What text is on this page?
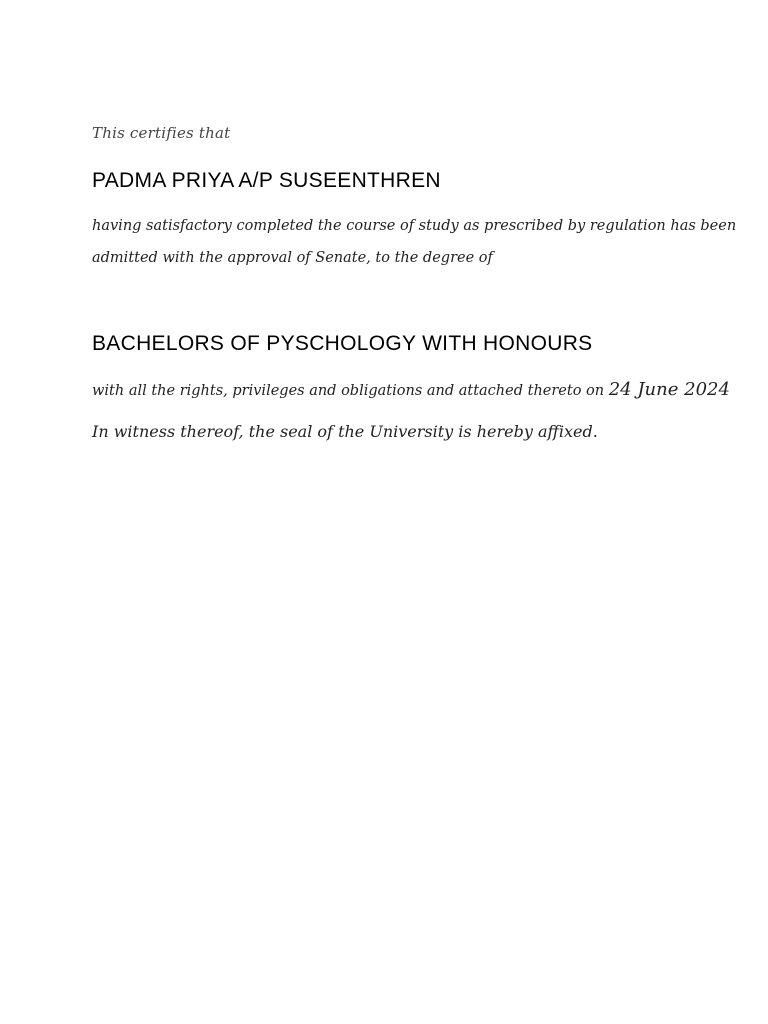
This certifies that
PADMA PRIYA A/P SUSEENTHREN
having satisfactory completed the course of study as prescribed by regulation has been
admitted with the approval of Senate, to the degree of
BACHELORS OF PYSCHOLOGY WITH HONOURS
with all the rights, privileges and obligations and attached thereto on 24 June 2024
In witness thereof, the seal of the University is hereby affixed.
